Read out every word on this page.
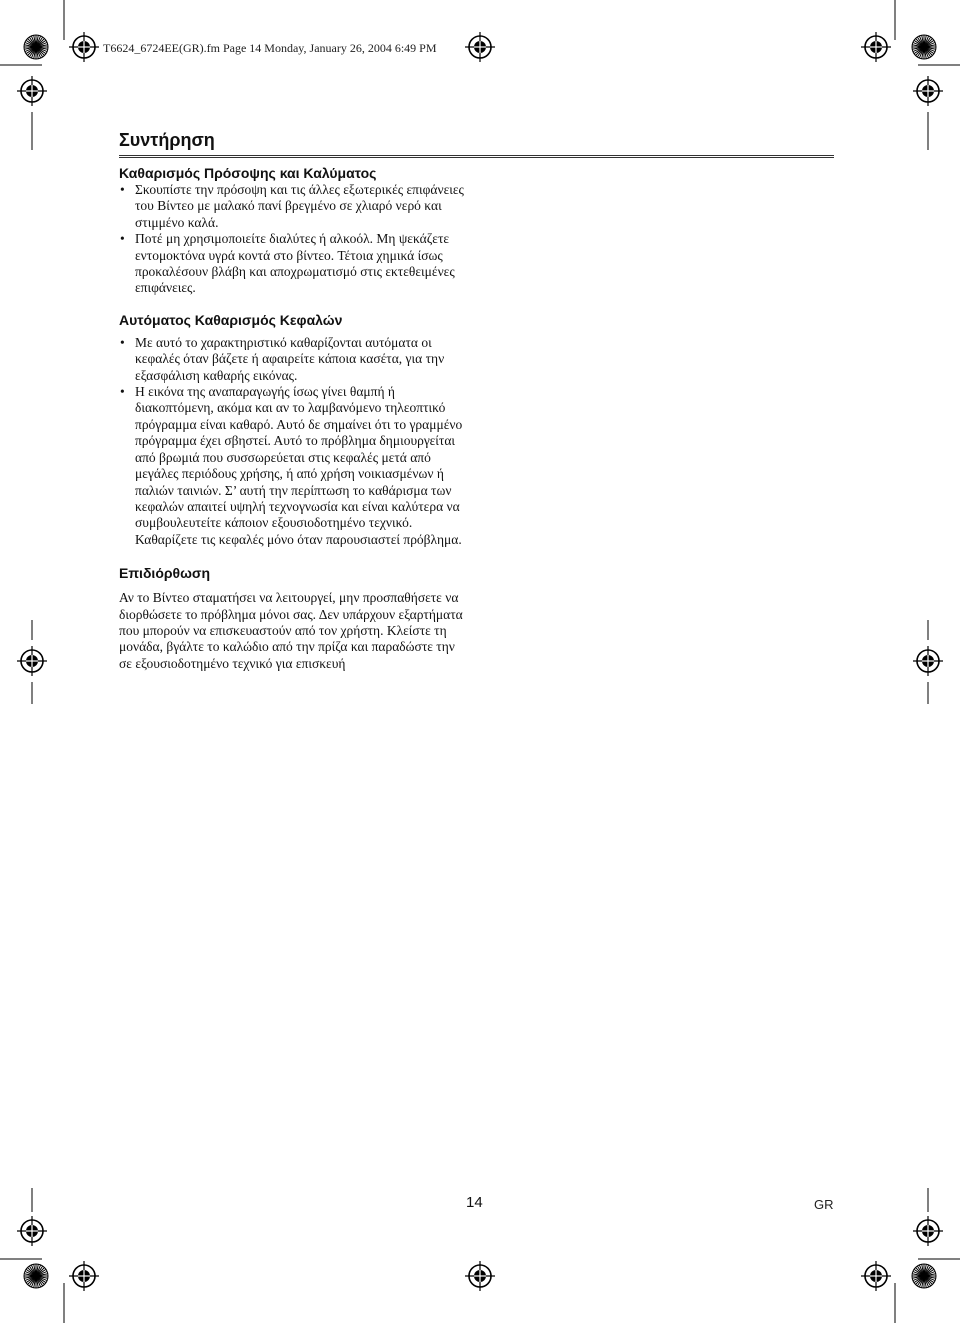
T6624_6724EE(GR).fm Page 14 Monday, January 26, 2004 6:49 PM
Συντήρηση
Καθαρισμός Πρόσοψης και Καλύματος
• Σκουπίστε την πρόσοψη και τις άλλες εξωτερικές επιφάνειες του Βίντεο με μαλακό πανί βρεγμένο σε χλιαρό νερό και στιμμένο καλά.
• Ποτέ μη χρησιμοποιείτε διαλύτες ή αλκοόλ. Μη ψεκάζετε εντομοκτόνα υγρά κοντά στο βίντεο. Τέτοια χημικά ίσως προκαλέσουν βλάβη και αποχρωματισμό στις εκτεθειμένες επιφάνειες.
Αυτόματος Καθαρισμός Κεφαλών
• Με αυτό το χαρακτηριστικό καθαρίζονται αυτόματα οι κεφαλές όταν βάζετε ή αφαιρείτε κάποια κασέτα, για την εξασφάλιση καθαρής εικόνας.
• Η εικόνα της αναπαραγωγής ίσως γίνει θαμπή ή διακοπτόμενη, ακόμα και αν το λαμβανόμενο τηλεοπτικό πρόγραμμα είναι καθαρό. Αυτό δε σημαίνει ότι το γραμμένο πρόγραμμα έχει σβηστεί. Αυτό το πρόβλημα δημιουργείται από βρωμιά που συσσωρεύεται στις κεφαλές μετά από μεγάλες περιόδους χρήσης, ή από χρήση νοικιασμένων ή παλιών ταινιών. Σ’ αυτή την περίπτωση το καθάρισμα των κεφαλών απαιτεί υψηλή τεχνογνωσία και είναι καλύτερα να συμβουλευτείτε κάποιον εξουσιοδοτημένο τεχνικό. Καθαρίζετε τις κεφαλές μόνο όταν παρουσιαστεί πρόβλημα.
Επιδιόρθωση

Αν το Βίντεο σταματήσει να λειτουργεί, μην προσπαθήσετε να διορθώσετε το πρόβλημα μόνοι σας. Δεν υπάρχουν εξαρτήματα που μπορούν να επισκευαστούν από τον χρήστη. Κλείστε τη μονάδα, βγάλτε το καλώδιο από την πρίζα και παραδώστε την σε εξουσιοδοτημένο τεχνικό για επισκευή

14	GR
